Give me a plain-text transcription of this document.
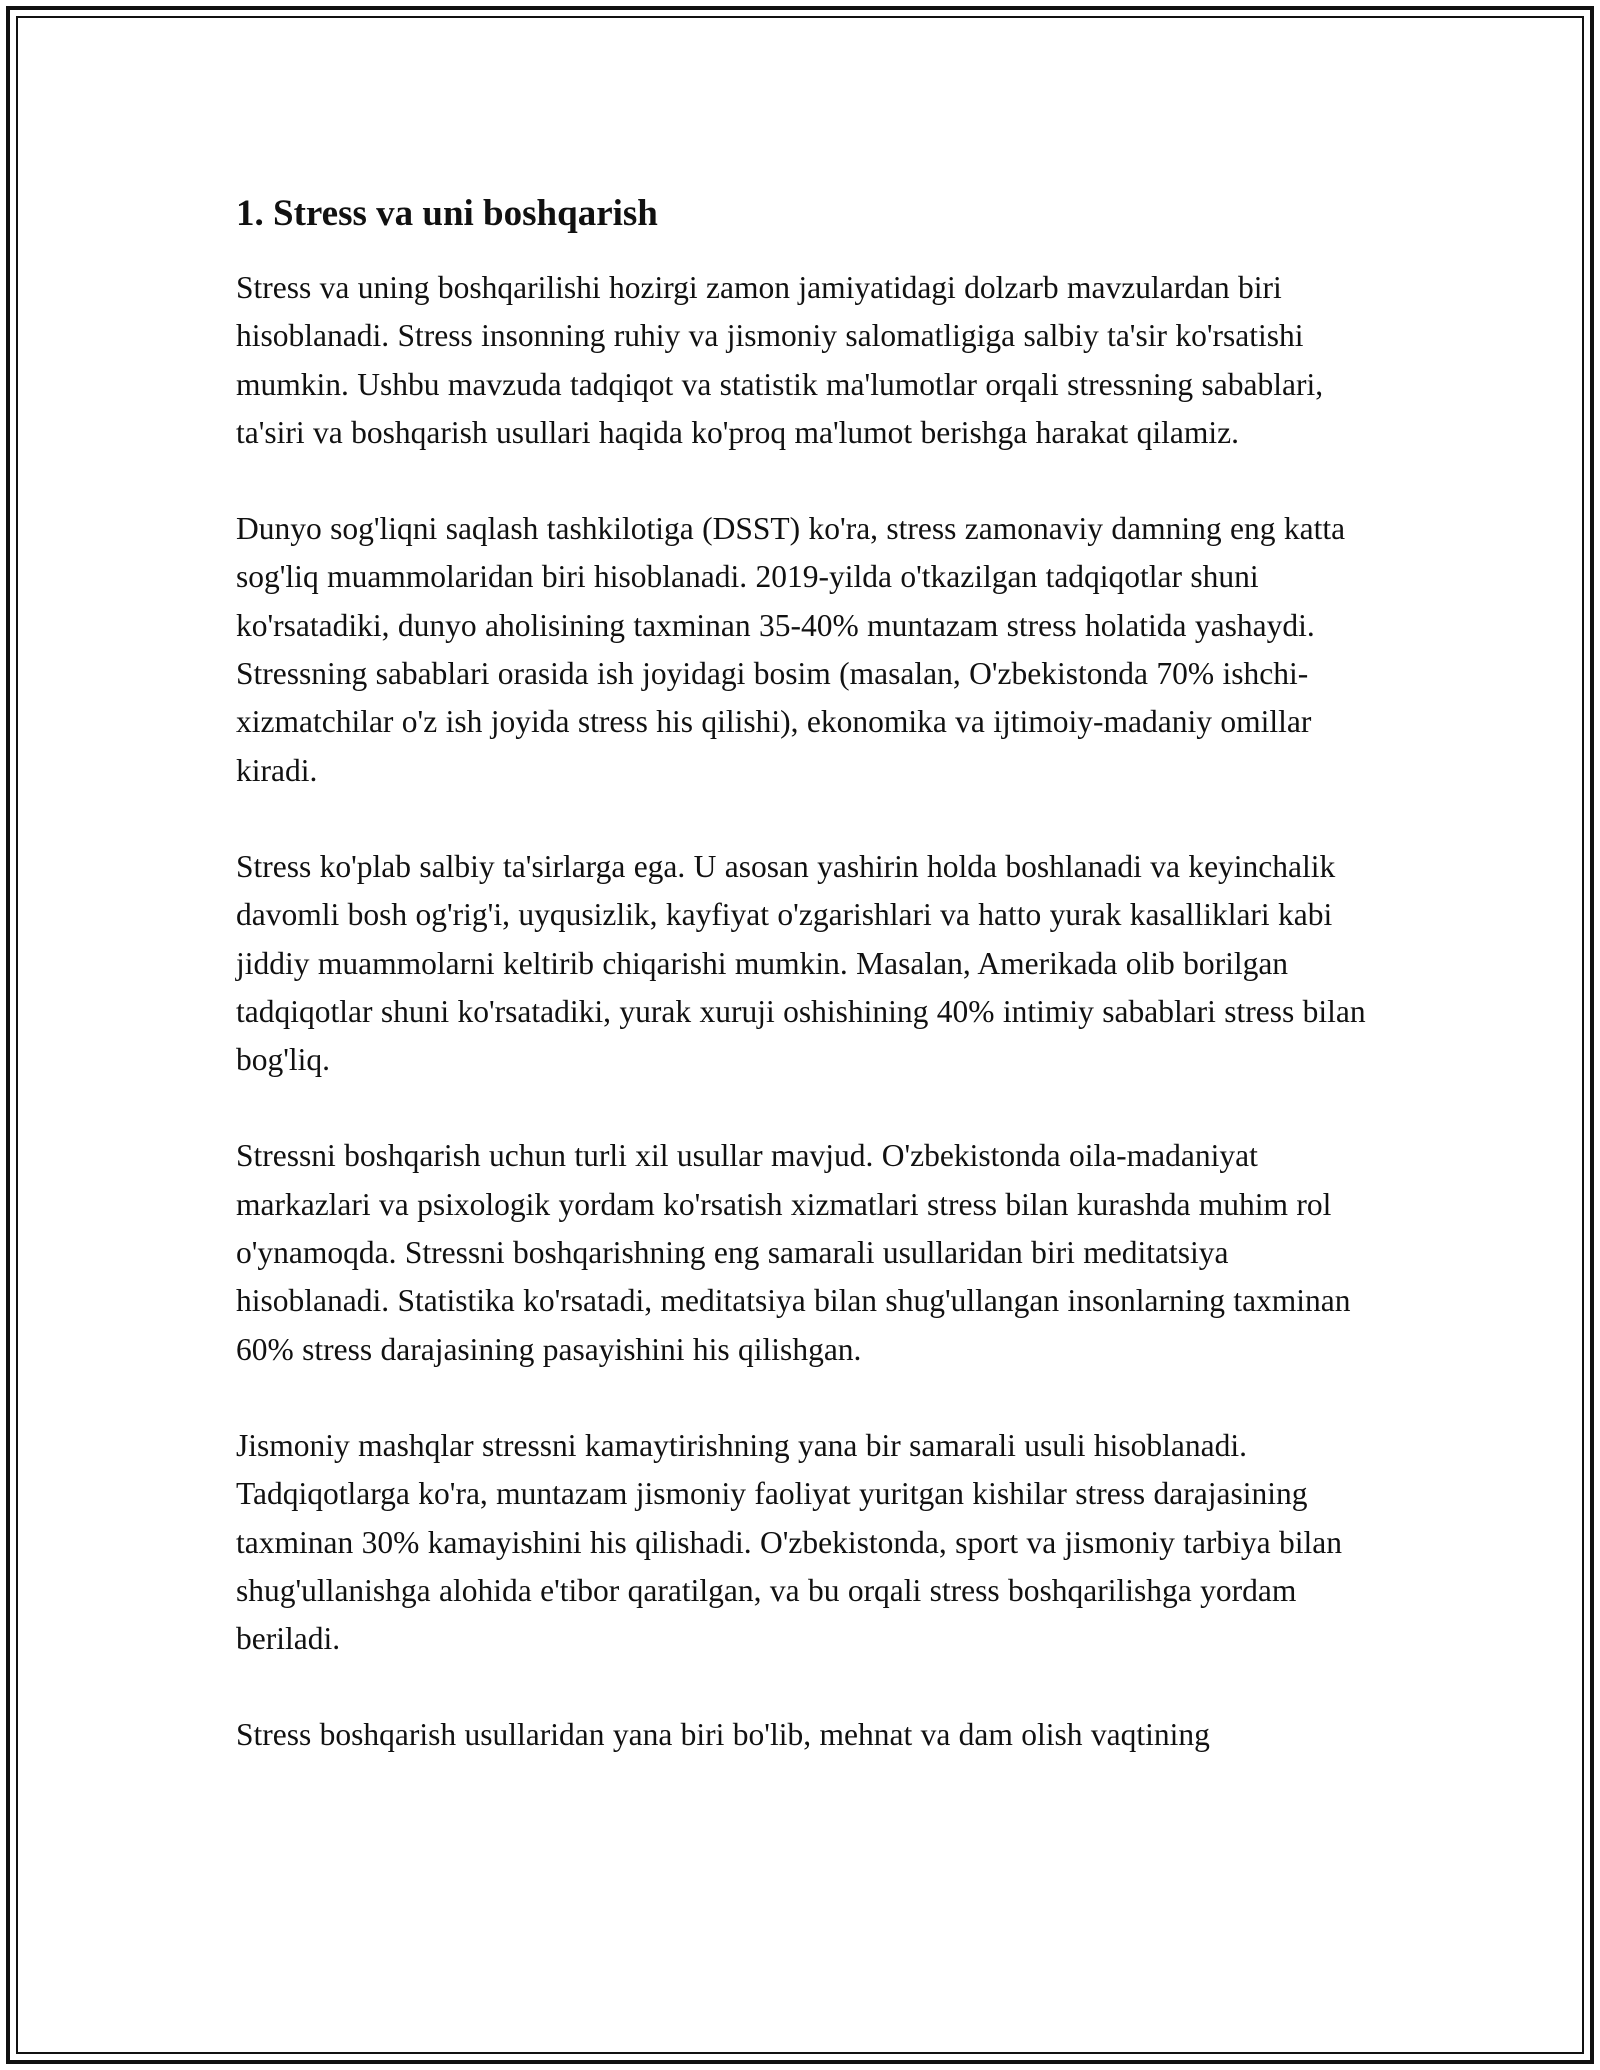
1. Stress va uni boshqarish

Stress va uning boshqarilishi hozirgi zamon jamiyatidagi dolzarb mavzulardan biri hisoblanadi. Stress insonning ruhiy va jismoniy salomatligiga salbiy ta'sir ko'rsatishi mumkin. Ushbu mavzuda tadqiqot va statistik ma'lumotlar orqali stressning sabablari, ta'siri va boshqarish usullari haqida ko'proq ma'lumot berishga harakat qilamiz.

Dunyo sog'liqni saqlash tashkilotiga (DSST) ko'ra, stress zamonaviy damning eng katta sog'liq muammolaridan biri hisoblanadi. 2019-yilda o'tkazilgan tadqiqotlar shuni ko'rsatadiki, dunyo aholisining taxminan 35-40% muntazam stress holatida yashaydi. Stressning sabablari orasida ish joyidagi bosim (masalan, O'zbekistonda 70% ishchi-xizmatchilar o'z ish joyida stress his qilishi), ekonomika va ijtimoiy-madaniy omillar kiradi.

Stress ko'plab salbiy ta'sirlarga ega. U asosan yashirin holda boshlanadi va keyinchalik davomli bosh og'rig'i, uyqusizlik, kayfiyat o'zgarishlari va hatto yurak kasalliklari kabi jiddiy muammolarni keltirib chiqarishi mumkin. Masalan, Amerikada olib borilgan tadqiqotlar shuni ko'rsatadiki, yurak xuruji oshishining 40% intimiy sabablari stress bilan bog'liq.

Stressni boshqarish uchun turli xil usullar mavjud. O'zbekistonda oila-madaniyat markazlari va psixologik yordam ko'rsatish xizmatlari stress bilan kurashda muhim rol o'ynamoqda. Stressni boshqarishning eng samarali usullaridan biri meditatsiya hisoblanadi. Statistika ko'rsatadi, meditatsiya bilan shug'ullangan insonlarning taxminan 60% stress darajasining pasayishini his qilishgan.

Jismoniy mashqlar stressni kamaytirishning yana bir samarali usuli hisoblanadi. Tadqiqotlarga ko'ra, muntazam jismoniy faoliyat yuritgan kishilar stress darajasining taxminan 30% kamayishini his qilishadi. O'zbekistonda, sport va jismoniy tarbiya bilan shug'ullanishga alohida e'tibor qaratilgan, va bu orqali stress boshqarilishga yordam beriladi.

Stress boshqarish usullaridan yana biri bo'lib, mehnat va dam olish vaqtining
